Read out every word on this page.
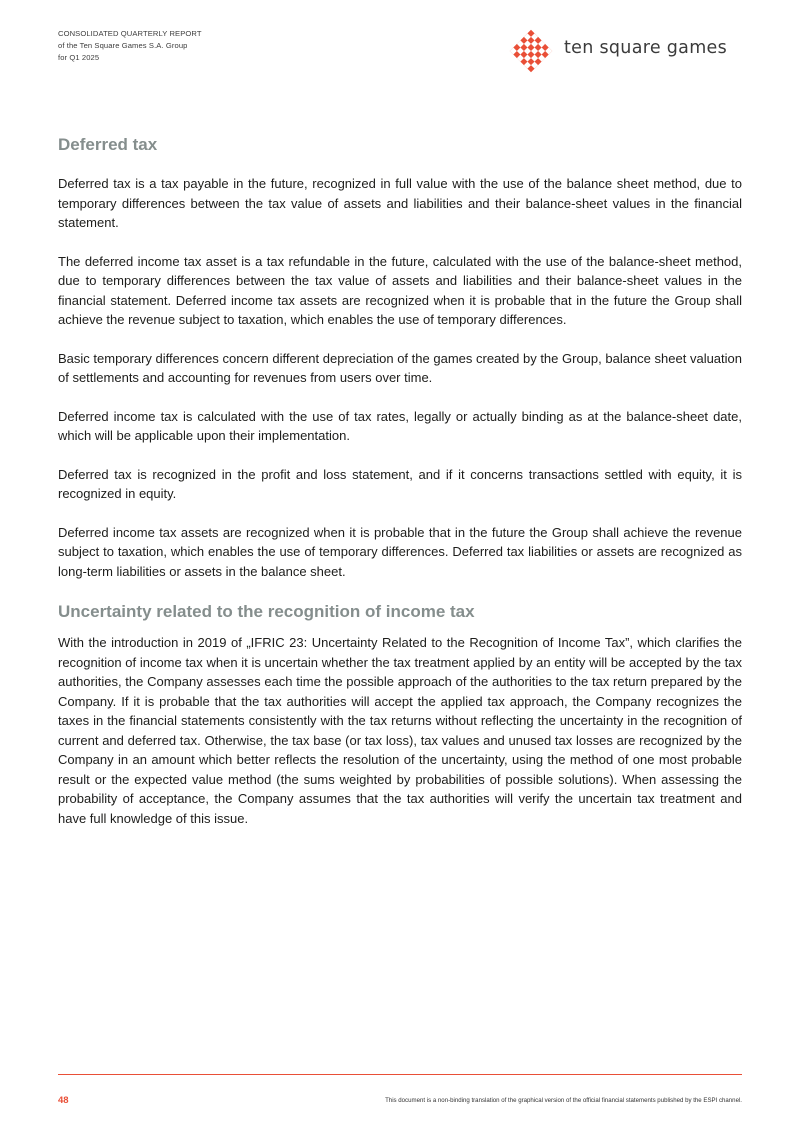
CONSOLIDATED QUARTERLY REPORT
of the Ten Square Games S.A. Group
for Q1 2025	ten square games
Deferred tax

Deferred tax is a tax payable in the future, recognized in full value with the use of the balance sheet method, due to temporary differences between the tax value of assets and liabilities and their balance-sheet values in the financial statement.

The deferred income tax asset is a tax refundable in the future, calculated with the use of the balance-sheet method, due to temporary differences between the tax value of assets and liabilities and their balance-sheet values in the financial statement. Deferred income tax assets are recognized when it is probable that in the future the Group shall achieve the revenue subject to taxation, which enables the use of temporary differences.

Basic temporary differences concern different depreciation of the games created by the Group, balance sheet valuation of settlements and accounting for revenues from users over time.

Deferred income tax is calculated with the use of tax rates, legally or actually binding as at the balance-sheet date, which will be applicable upon their implementation.

Deferred tax is recognized in the profit and loss statement, and if it concerns transactions settled with equity, it is recognized in equity.

Deferred income tax assets are recognized when it is probable that in the future the Group shall achieve the revenue subject to taxation, which enables the use of temporary differences. Deferred tax liabilities or assets are recognized as long-term liabilities or assets in the balance sheet.

Uncertainty related to the recognition of income tax

With the introduction in 2019 of „IFRIC 23: Uncertainty Related to the Recognition of Income Tax”, which clarifies the recognition of income tax when it is uncertain whether the tax treatment applied by an entity will be accepted by the tax authorities, the Company assesses each time the possible approach of the authorities to the tax return prepared by the Company. If it is probable that the tax authorities will accept the applied tax approach, the Company recognizes the taxes in the financial statements consistently with the tax returns without reflecting the uncertainty in the recognition of current and deferred tax. Otherwise, the tax base (or tax loss), tax values and unused tax losses are recognized by the Company in an amount which better reflects the resolution of the uncertainty, using the method of one most probable result or the expected value method (the sums weighted by probabilities of possible solutions). When assessing the probability of acceptance, the Company assumes that the tax authorities will verify the uncertain tax treatment and have full knowledge of this issue.

48	This document is a non-binding translation of the graphical version of the official financial statements published by the ESPI channel.
